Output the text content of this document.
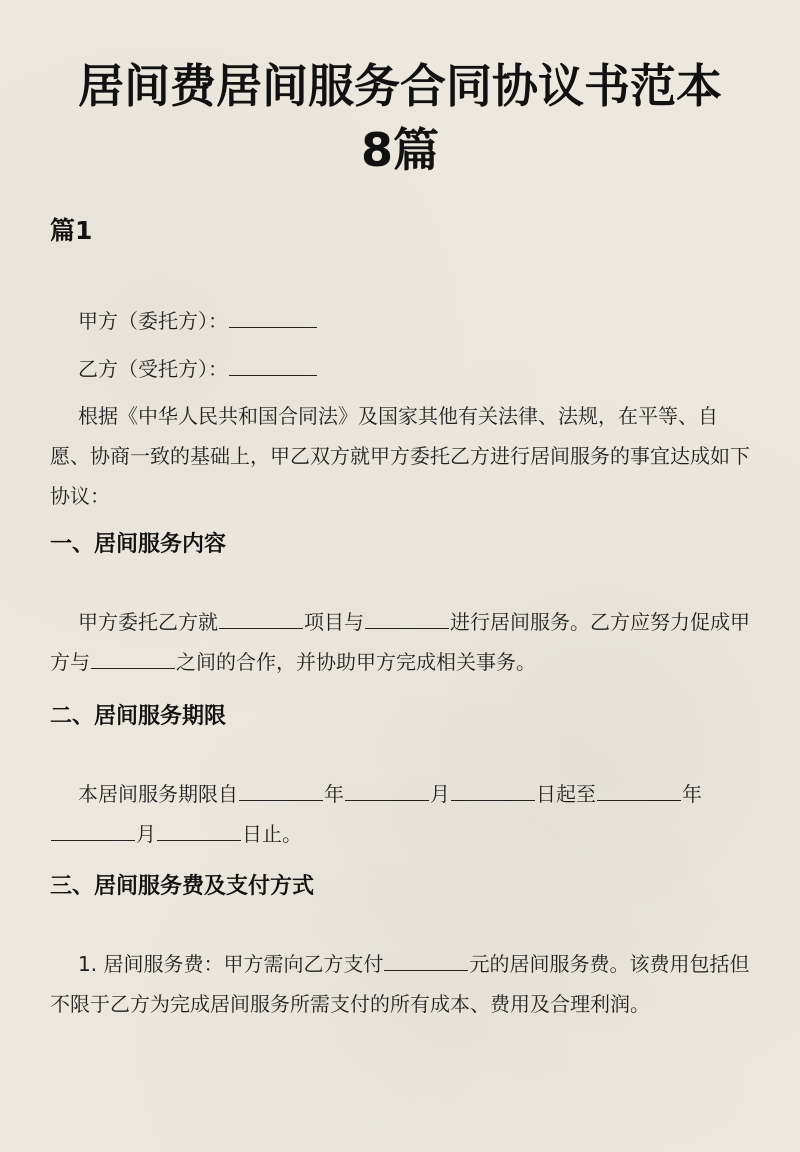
居间费居间服务合同协议书范本
8篇
篇1

甲方（委托方）：

乙方（受托方）：

根据《中华人民共和国合同法》及国家其他有关法律、法规，在平等、自愿、协商一致的基础上，甲乙双方就甲方委托乙方进行居间服务的事宜达成如下协议：

一、居间服务内容

甲方委托乙方就	项目与	进行居间服务。乙方应努力促成甲方与	之间的合作，并协助甲方完成相关事务。

二、居间服务期限

本居间服务期限自	年	月	日起至	年月	日止。

三、居间服务费及支付方式

1. 居间服务费：甲方需向乙方支付	元的居间服务费。该费用包括但不限于乙方为完成居间服务所需支付的所有成本、费用及合理利润。
